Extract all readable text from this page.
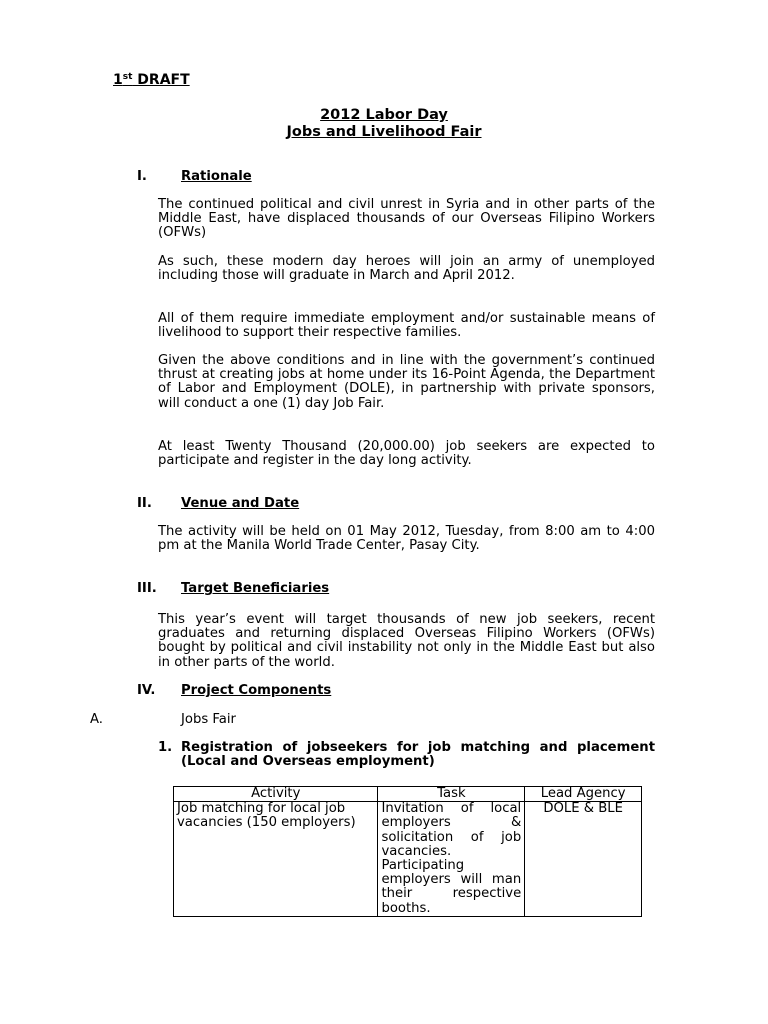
1st DRAFT
2012 Labor Day
Jobs and Livelihood Fair
I.	Rationale
The continued political and civil unrest in Syria and in other parts of the Middle East, have displaced thousands of our Overseas Filipino Workers (OFWs)
As such, these modern day heroes will join an army of unemployed including those will graduate in March and April 2012.
All of them require immediate employment and/or sustainable means of livelihood to support their respective families.
Given the above conditions and in line with the government’s continued thrust at creating jobs at home under its 16-Point Agenda, the Department of Labor and Employment (DOLE), in partnership with private sponsors, will conduct a one (1) day Job Fair.
At least Twenty Thousand (20,000.00) job seekers are expected to participate and register in the day long activity.
II. Venue and Date
The activity will be held on 01 May 2012, Tuesday, from 8:00 am to 4:00 pm at the Manila World Trade Center, Pasay City.
III. Target Beneficiaries
This year’s event will target thousands of new job seekers, recent graduates and returning displaced Overseas Filipino Workers (OFWs) bought by political and civil instability not only in the Middle East but also in other parts of the world.
IV. Project Components
A.	Jobs Fair
1. Registration of jobseekers for job matching and placement (Local and Overseas employment)
Activity	Task	Lead Agency
Job matching for local job vacancies (150 employers)	Invitation of local employers & solicitation of job vacancies. Participating employers will man their respective booths.	DOLE & BLE
